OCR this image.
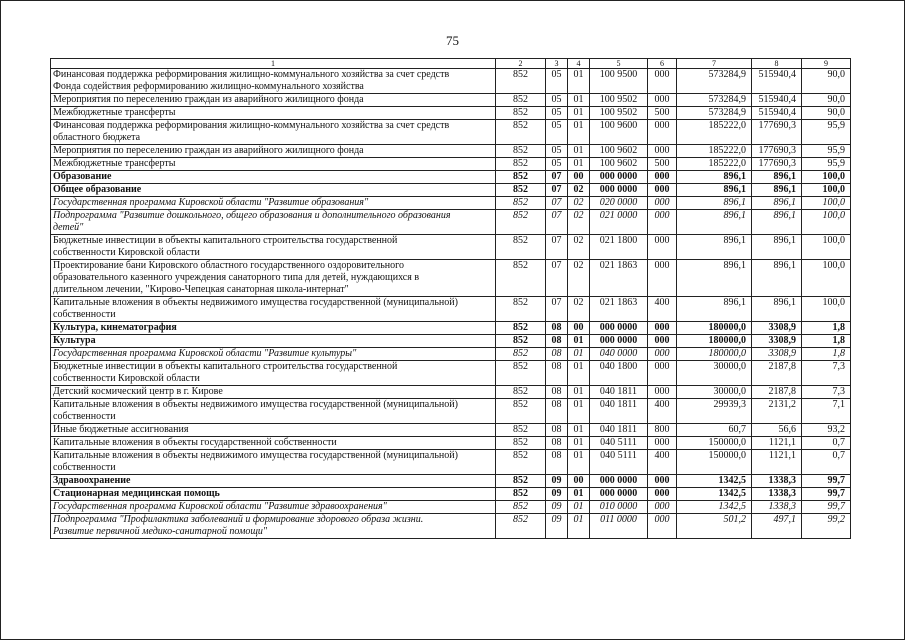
75
1	2	3	4	5	6	7	8	9

Финансовая поддержка реформирования жилищно-коммунального хозяйства за счет средств
Фонда содействия реформированию жилищно-коммунального хозяйства	852	05	01	100 9500	000	573284,9	515940,4	90,0

Мероприятия по переселению граждан из аварийного жилищного фонда	852	05	01	100 9502	000	573284,9	515940,4	90,0

Межбюджетные трансферты	852	05	01	100 9502	500	573284,9	515940,4	90,0

Финансовая поддержка реформирования жилищно-коммунального хозяйства за счет средств
областного бюджета	852	05	01	100 9600	000	185222,0	177690,3	95,9

Мероприятия по переселению граждан из аварийного жилищного фонда	852	05	01	100 9602	000	185222,0	177690,3	95,9

Межбюджетные трансферты	852	05	01	100 9602	500	185222,0	177690,3	95,9

Образование	852	07	00	000 0000	000	896,1	896,1	100,0

Общее образование	852	07	02	000 0000	000	896,1	896,1	100,0

Государственная программа Кировской области "Развитие образования"	852	07	02	020 0000	000	896,1	896,1	100,0

Подпрограмма "Развитие дошкольного, общего образования и дополнительного образования
детей"	852	07	02	021 0000	000	896,1	896,1	100,0

Бюджетные инвестиции в объекты капитального строительства государственной
собственности Кировской области	852	07	02	021 1800	000	896,1	896,1	100,0

Проектирование бани Кировского областного государственного оздоровительного
образовательного казенного учреждения санаторного типа для детей, нуждающихся в
длительном лечении, "Кирово-Чепецкая санаторная школа-интернат"	852	07	02	021 1863	000	896,1	896,1	100,0

Капитальные вложения в объекты недвижимого имущества государственной (муниципальной)
собственности	852	07	02	021 1863	400	896,1	896,1	100,0

Культура, кинематография	852	08	00	000 0000	000	180000,0	3308,9	1,8

Культура	852	08	01	000 0000	000	180000,0	3308,9	1,8

Государственная программа Кировской области "Развитие культуры"	852	08	01	040 0000	000	180000,0	3308,9	1,8

Бюджетные инвестиции в объекты капитального строительства государственной
собственности Кировской области	852	08	01	040 1800	000	30000,0	2187,8	7,3

Детский космический центр в г. Кирове	852	08	01	040 1811	000	30000,0	2187,8	7,3

Капитальные вложения в объекты недвижимого имущества государственной (муниципальной)
собственности	852	08	01	040 1811	400	29939,3	2131,2	7,1

Иные бюджетные ассигнования	852	08	01	040 1811	800	60,7	56,6	93,2

Капитальные вложения в объекты государственной собственности	852	08	01	040 5111	000	150000,0	1121,1	0,7

Капитальные вложения в объекты недвижимого имущества государственной (муниципальной)
собственности	852	08	01	040 5111	400	150000,0	1121,1	0,7

Здравоохранение	852	09	00	000 0000	000	1342,5	1338,3	99,7

Стационарная медицинская помощь	852	09	01	000 0000	000	1342,5	1338,3	99,7

Государственная программа Кировской области "Развитие здравоохранения"	852	09	01	010 0000	000	1342,5	1338,3	99,7

Подпрограмма "Профилактика заболеваний и формирование здорового образа жизни.
Развитие первичной медико-санитарной помощи"	852	09	01	011 0000	000	501,2	497,1	99,2
